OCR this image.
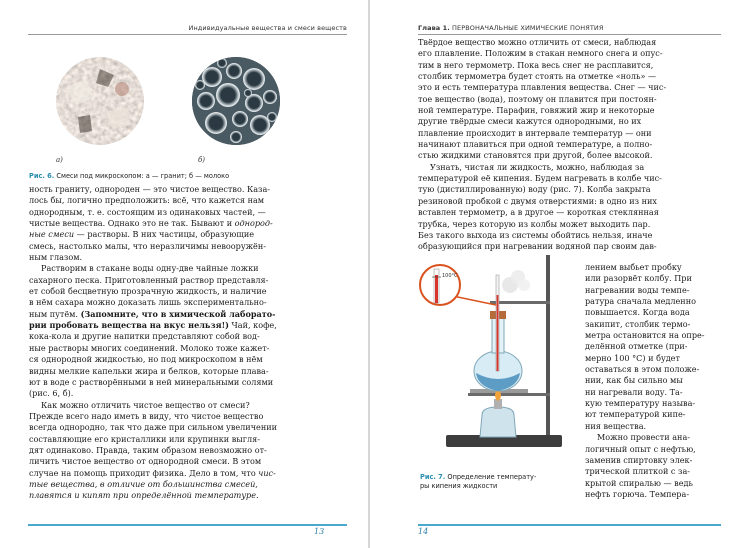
Индивидуальные вещества и смеси веществ
а)	б)
Рис. 6. Смеси под микроскопом: а — гранит; б — молоко
ность граниту, однороден — это чистое вещество. Каза-
лось бы, логично предположить: всё, что кажется нам
однородным, т. е. состоящим из одинаковых частей, —
чистые вещества. Однако это не так. Бывают и однород-
ные смеси — растворы. В них частицы, образующие
смесь, настолько малы, что неразличимы невооружён-
ным глазом.
Растворим в стакане воды одну-две чайные ложки
сахарного песка. Приготовленный раствор представля-
ет собой бесцветную прозрачную жидкость, и наличие
в нём сахара можно доказать лишь экспериментально-
ным путём. (Запомните, что в химической лаборато-
рии пробовать вещества на вкус нельзя!) Чай, кофе,
кока-кола и другие напитки представляют собой вод-
ные растворы многих соединений. Молоко тоже кажет-
ся однородной жидкостью, но под микроскопом в нём
видны мелкие капельки жира и белков, которые плава-
ют в воде с растворёнными в ней минеральными солями
(рис. 6, б).
Как можно отличить чистое вещество от смеси?
Прежде всего надо иметь в виду, что чистое вещество
всегда однородно, так что даже при сильном увеличении
составляющие его кристаллики или крупинки выгля-
дят одинаково. Правда, таким образом невозможно от-
личить чистое вещество от однородной смеси. В этом
случае на помощь приходит физика. Дело в том, что чис-
тые вещества, в отличие от большинства смесей,
плавятся и кипят при определённой температуре.
13
Глава 1. ПЕРВОНАЧАЛЬНЫЕ ХИМИЧЕСКИЕ ПОНЯТИЯ
Твёрдое вещество можно отличить от смеси, наблюдая
его плавление. Положим в стакан немного снега и опус-
тим в него термометр. Пока весь снег не расплавится,
столбик термометра будет стоять на отметке «ноль» —
это и есть температура плавления вещества. Снег — чис-
тое вещество (вода), поэтому он плавится при постоян-
ной температуре. Парафин, говяжий жир и некоторые
другие твёрдые смеси кажутся однородными, но их
плавление происходит в интервале температур — они
начинают плавиться при одной температуре, а полно-
стью жидкими становятся при другой, более высокой.
Узнать, чистая ли жидкость, можно, наблюдая за
температурой её кипения. Будем нагревать в колбе чис-
тую (дистиллированную) воду (рис. 7). Колба закрыта
резиновой пробкой с двумя отверстиями: в одно из них
вставлен термометр, а в другое — короткая стеклянная
трубка, через которую из колбы может выходить пар.
Без такого выхода из системы обойтись нельзя, иначе
образующийся при нагревании водяной пар своим дав-
100°C
лением выбьет пробку
или разорвёт колбу. При
нагревании воды темпе-
ратура сначала медленно
повышается. Когда вода
закипит, столбик термо-
метра остановится на опре-
делённой отметке (при-
мерно 100 °С) и будет
оставаться в этом положе-
нии, как бы сильно мы
ни нагревали воду. Та-
кую температуру называ-
ют температурой кипе-
ния вещества.
Можно провести ана-
логичный опыт с нефтью,
заменив спиртовку элек-
трической плиткой с за-
крытой спиралью — ведь
нефть горюча. Темпера-
Рис. 7. Определение температу-
ры кипения жидкости
14
